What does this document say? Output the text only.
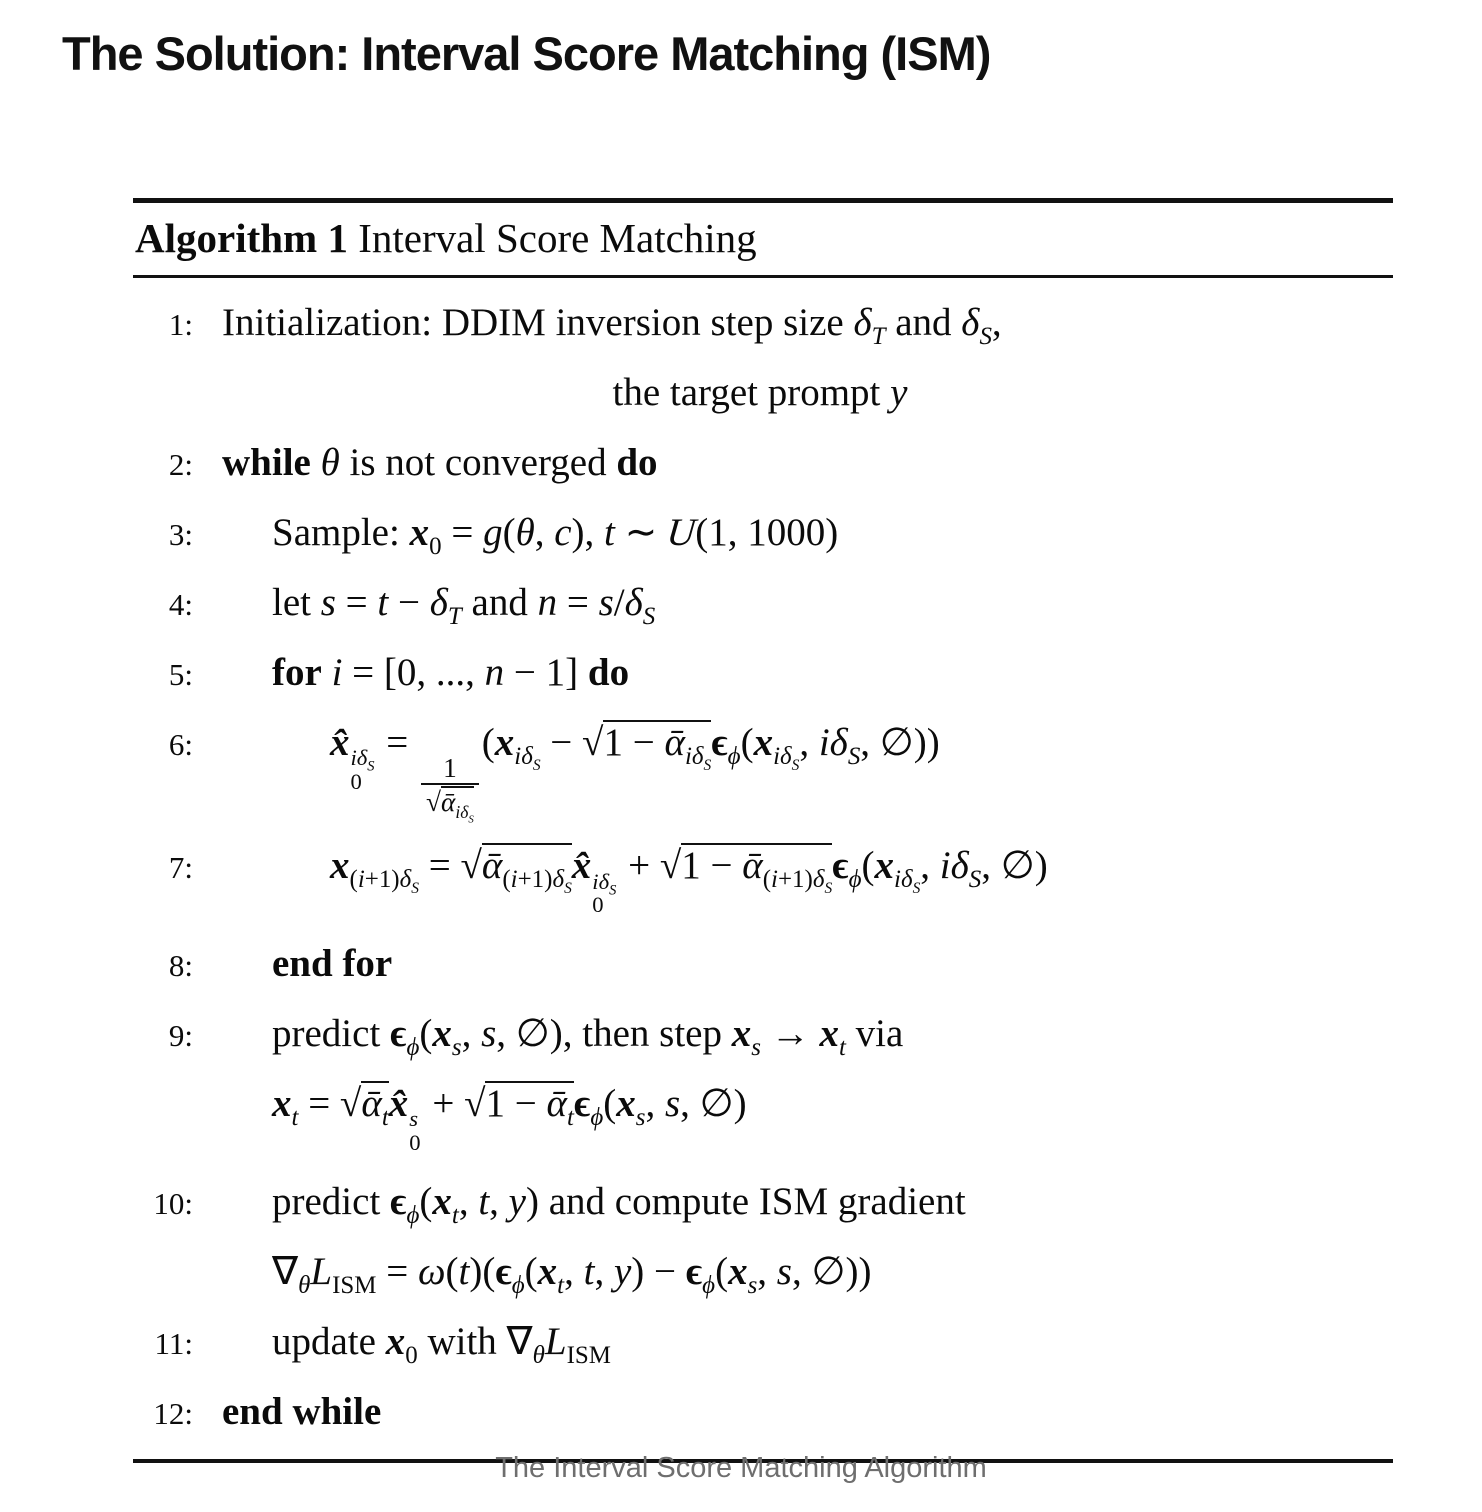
The Solution: Interval Score Matching (ISM)
Algorithm 1 Interval Score Matching
1: Initialization: DDIM inversion step size $\delta_T$ and $\delta_S$,
the target prompt y
2: while θ is not converged do
3:	Sample: $x_0 = g(\theta$, c), t ∼ U(1, 1000)
4:	let $s = t - \delta_T$ and $n = s/\delta_S$
5:	for i = [0, ..., n − 1] do
6:	x̂ $i\delta_S$
0
=
$\frac{1}{√ᾱ_{i\delta_S}}$
($x_{i\delta_S} - √1$ − $ᾱ_{i\delta_S}\epsilon_\phi(x_{i\delta_S}$, $i\delta_S$, ∅))
7:	$x_{(i+1)\delta_S}$ = √ᾱ$_{(i+1)\delta_S}$x̂ $i\delta_S$
0
+ $√1 - ᾱ_{(i+1)\delta_S}\epsilon_\phi(x_{i\delta_S}$, $i\delta_S$, ∅)
8:	end for
9:	predict $\epsilon_\phi(x_s$, s, ∅), then step $x_s \to x_t$ via
$x_t$ = √ᾱ$_t$x̂ s
0
+ $√1 - ᾱ_t\epsilon_\phi(x_s$, s, ∅)
10:	predict $\epsilon_\phi(x_t$, t, y) and compute ISM gradient
$\nabla_\theta L_{ISM} = \omega(t)(\epsilon_\phi(x_t$, t, $y) - \epsilon_\phi(x_s$, s, ∅))
11:	update $x_0$ with $\nabla_\theta L_{ISM}$
12: end while
The Interval Score Matching Algorithm
